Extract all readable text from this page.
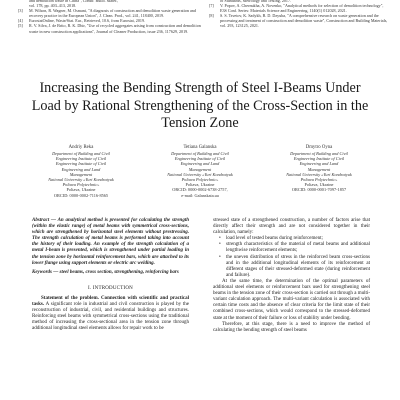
and demolition waste in China", Constr. Build. Mater.,

vol. 178, pp. 403–413, 2018.

[3]	M. Wilson, R. Wagner, M. Osmani, "A diagnosis of construction and demolition waste generation and recovery practice in the European Union", J. Clean. Prod., vol. 241, 118400, 2019.

[4]	EurostatOnline, Waste/Stat. Eur., Retrieved, 10.6, from Eurostat, 2019.

[5]	R. V. Silva, J. de Brito, R. K. Dhir, "Use of recycled aggregates arising from construction and demolition waste in new construction applications", Journal of Cleaner Production, issue 236, 117629, 2019.

of Standards, Metrology and Testing, 2017.

[7]	V. Popov, A. Chernukha, A. Novenko, "Analytical methods for selection of demolition technology", E3S Conf. Series: Materials Science and Engineering, 1140(1) 012028, 2021.

[8]	S. S. Tsvetov, K. Sadykh, B. D. Dzyuba, "A comprehensive research on waste generation and the processing and treatment of construction and demolition waste", Construction and Building Materials, vol. 293, 123125, 2021.

Increasing the Bending Strength of Steel I-Beams Under Load by Rational Strengthening of the Cross-Section in the Tension Zone
Andriy Reka
Department of Building and Civil
Engineering Institute of Civil
Engineering Institute of Civil
Engineering and Land
Management
National University «Yuri Kondratyuk
Poltava Polytechnic»
Poltava, Ukraine
ORCID: 0000-0002-7116-8565
Tetiana Galanska
Department of Building and Civil
Engineering Institute of Civil
Engineering and Land
Management
National University «Yuri Kondratyuk
Poltava Polytechnic»
Poltava, Ukraine
ORCID: 0000-0002-6738-2757,
e-mail: Galanskata.ua
Dmytro Oyna
Department of Building and Civil
Engineering Institute of Civil
Engineering and Land
Management
National University «Yuri Kondratyuk
Poltava Polytechnic»
Poltava, Ukraine
ORCID: 0000-0001-7097-1857

Abstract — An analytical method is presented for calculating the strength (within the elastic range) of metal beams with symmetrical cross-sections, which are strengthened by horizontal steel elements without prestressing. The strength calculation of metal beams is performed taking into account the history of their loading. An example of the strength calculation of a metal I-beam is presented, which is strengthened under partial loading in the tension zone by horizontal reinforcement bars, which are attached to its lower flange using support elements or electric arc welding.

Keywords — steel beams, cross section, strengthening, reinforcing bars

I. INTRODUCTION

Statement of the problem. Connection with scientific and practical tasks. A significant role in industrial and civil construction is played by the reconstruction of industrial, civil, and residential buildings and structures. Reinforcing steel beams with symmetrical cross-sections using the traditional method of increasing the cross-sectional area in the tension zone through additional longitudinal steel elements allows for repair work to be

stressed state of a strengthened construction, a number of factors arise that directly affect their strength and are not considered together in their calculation, namely:

• load level of tested beams during reinforcement;
• strength characteristics of the material of metal beams and additional lengthwise reinforcement elements;
• the uneven distribution of stress in the reinforced beam cross-sections and in the additional longitudinal elements of its reinforcement at different stages of their stressed-deformed state (during reinforcement and failure).

At the same time, the determination of the optimal parameters of additional steel elements or reinforcement bars used for strengthening steel beams in the tension zone of their cross-section is carried out through a multi-variant calculation approach. The multi-variant calculation is associated with certain time costs and the absence of clear criteria for the limit state of their combined cross-sections, which would correspond to the stressed-deformed state at the moment of their failure or loss of stability under bending.

Therefore, at this stage, there is a need to improve the method of calculating the bending strength of steel beams
